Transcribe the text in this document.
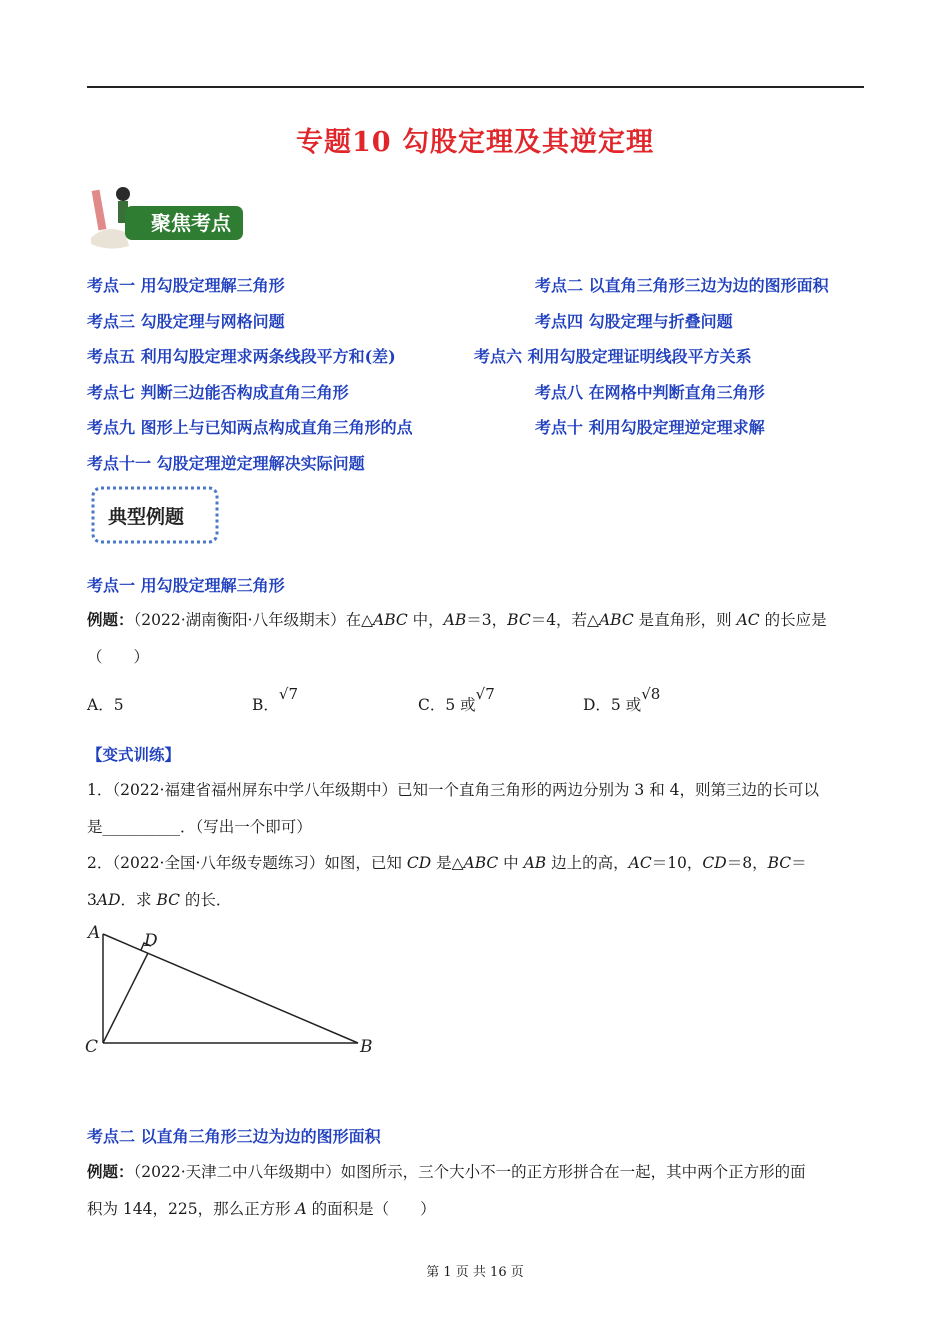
专题10 勾股定理及其逆定理
聚焦考点
考点一 用勾股定理解三角形	考点二 以直角三角形三边为边的图形面积
考点三 勾股定理与网格问题	考点四 勾股定理与折叠问题
考点五 利用勾股定理求两条线段平方和(差)	考点六 利用勾股定理证明线段平方关系
考点七 判断三边能否构成直角三角形	考点八 在网格中判断直角三角形
考点九 图形上与已知两点构成直角三角形的点	考点十 利用勾股定理逆定理求解
考点十一 勾股定理逆定理解决实际问题
典型例题
考点一 用勾股定理解三角形
例题：（2022·湖南衡阳·八年级期末）在△ABC 中，AB＝3，BC＝4，若△ABC 是直角形，则 AC 的长应是
（　　）
A．5	B．√7
C．5 或√7
D．5 或√8
【变式训练】
1．（2022·福建省福州屏东中学八年级期中）已知一个直角三角形的两边分别为 3 和 4，则第三边的长可以
是__________．（写出一个即可）
2．（2022·全国·八年级专题练习）如图，已知 CD 是△ABC 中 AB 边上的高，AC＝10，CD＝8，BC＝
3AD．求 BC 的长．
A	D
C	B
考点二 以直角三角形三边为边的图形面积
例题：（2022·天津二中八年级期中）如图所示，三个大小不一的正方形拼合在一起，其中两个正方形的面
积为 144，225，那么正方形 A 的面积是（　　）
第 1 页 共 16 页
